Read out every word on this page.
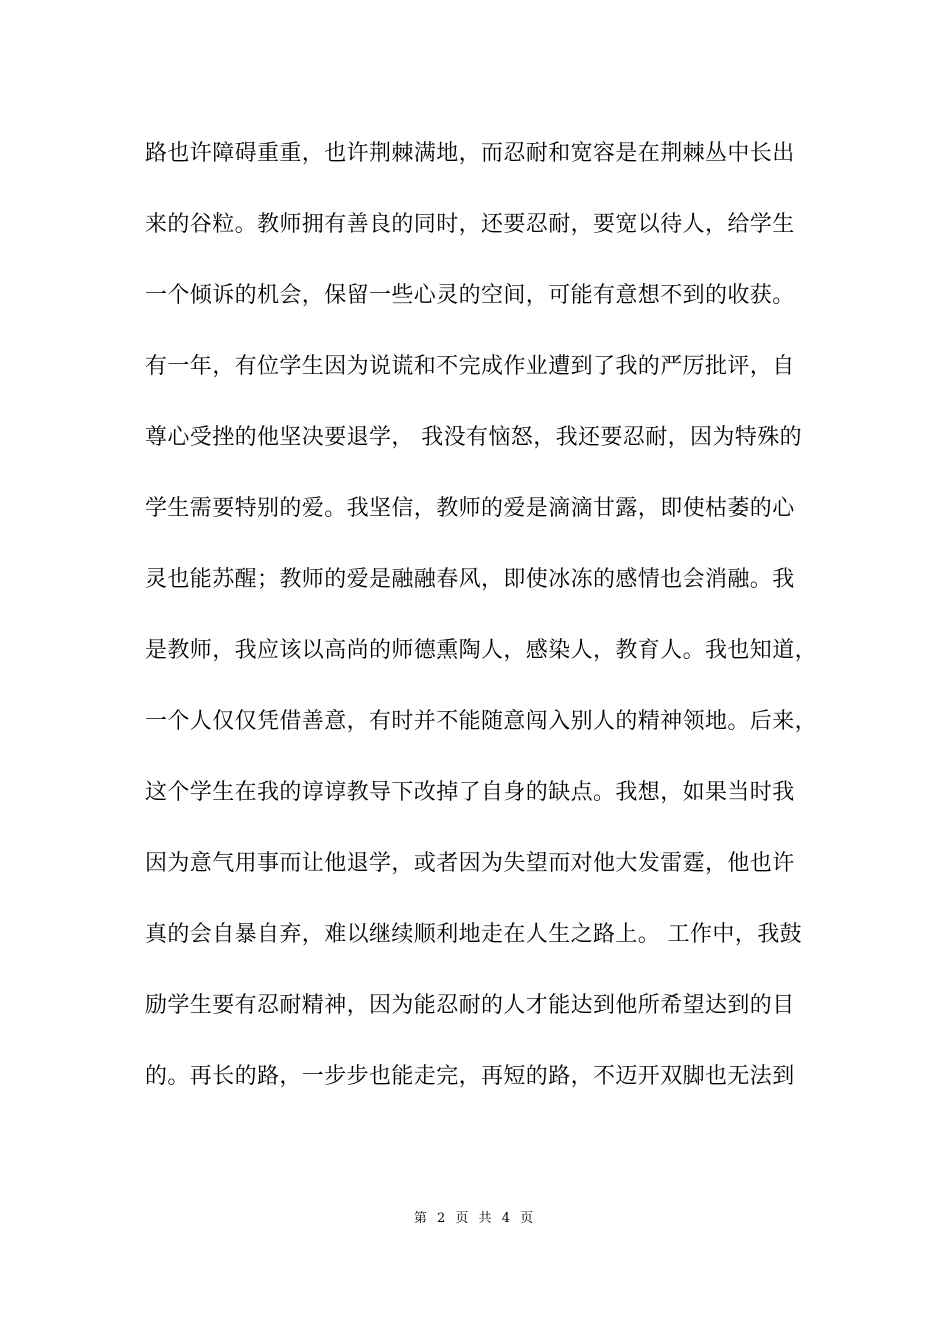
路也许障碍重重，也许荆棘满地，而忍耐和宽容是在荆棘丛中长出
来的谷粒。教师拥有善良的同时，还要忍耐，要宽以待人，给学生
一个倾诉的机会，保留一些心灵的空间，可能有意想不到的收获。
有一年，有位学生因为说谎和不完成作业遭到了我的严厉批评，自
尊心受挫的他坚决要退学， 我没有恼怒，我还要忍耐，因为特殊的
学生需要特别的爱。我坚信，教师的爱是滴滴甘露，即使枯萎的心
灵也能苏醒；教师的爱是融融春风，即使冰冻的感情也会消融。我
是教师，我应该以高尚的师德熏陶人，感染人，教育人。我也知道，
一个人仅仅凭借善意，有时并不能随意闯入别人的精神领地。后来，
这个学生在我的谆谆教导下改掉了自身的缺点。我想，如果当时我
因为意气用事而让他退学，或者因为失望而对他大发雷霆，他也许
真的会自暴自弃，难以继续顺利地走在人生之路上。 工作中，我鼓
励学生要有忍耐精神，因为能忍耐的人才能达到他所希望达到的目
的。再长的路，一步步也能走完，再短的路，不迈开双脚也无法到
第 2 页 共 4 页
